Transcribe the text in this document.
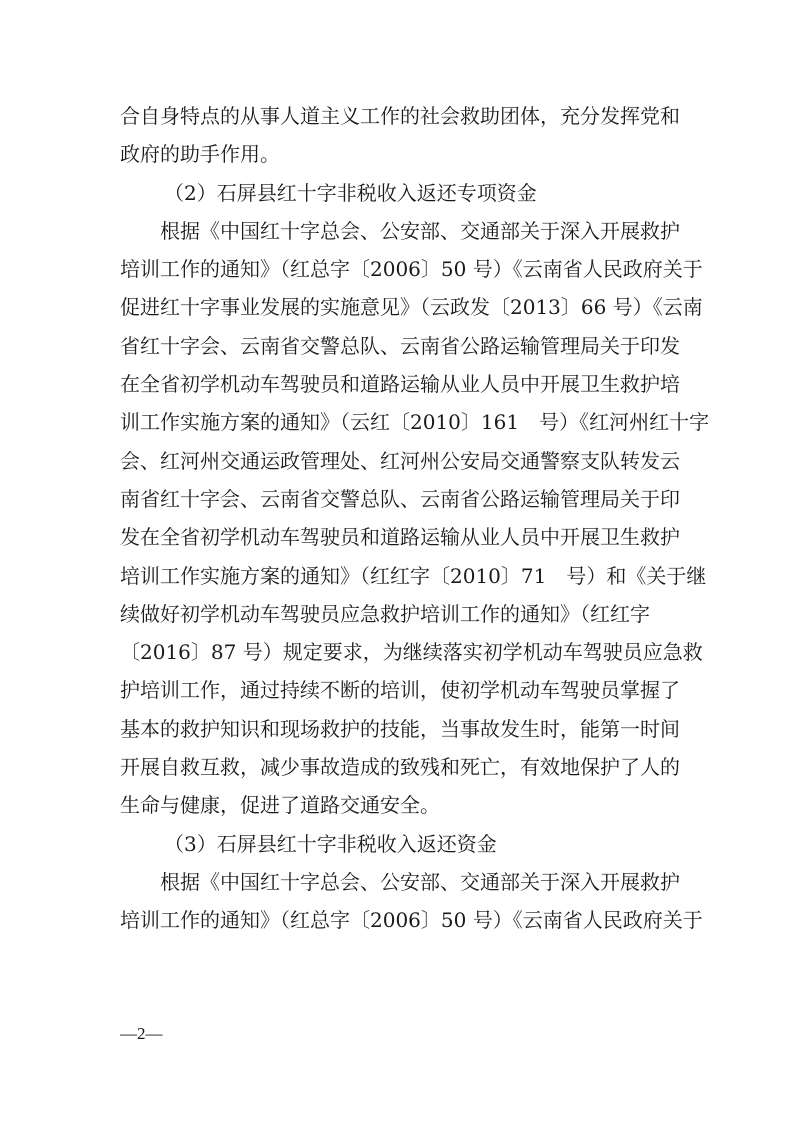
合自身特点的从事人道主义工作的社会救助团体，充分发挥党和
政府的助手作用。
（2）石屏县红十字非税收入返还专项资金
　　根据《中国红十字总会、公安部、交通部关于深入开展救护
培训工作的通知》（红总字〔2006〕50 号）《云南省人民政府关于
促进红十字事业发展的实施意见》（云政发〔2013〕66 号）《云南
省红十字会、云南省交警总队、云南省公路运输管理局关于印发
在全省初学机动车驾驶员和道路运输从业人员中开展卫生救护培
训工作实施方案的通知》（云红〔2010〕161　号）《红河州红十字
会、红河州交通运政管理处、红河州公安局交通警察支队转发云
南省红十字会、云南省交警总队、云南省公路运输管理局关于印
发在全省初学机动车驾驶员和道路运输从业人员中开展卫生救护
培训工作实施方案的通知》（红红字〔2010〕71　号）和《关于继
续做好初学机动车驾驶员应急救护培训工作的通知》（红红字
〔2016〕87 号）规定要求，为继续落实初学机动车驾驶员应急救
护培训工作，通过持续不断的培训，使初学机动车驾驶员掌握了
基本的救护知识和现场救护的技能，当事故发生时，能第一时间
开展自救互救，减少事故造成的致残和死亡，有效地保护了人的
生命与健康，促进了道路交通安全。
（3）石屏县红十字非税收入返还资金
　　根据《中国红十字总会、公安部、交通部关于深入开展救护
培训工作的通知》（红总字〔2006〕50 号）《云南省人民政府关于
—2—
